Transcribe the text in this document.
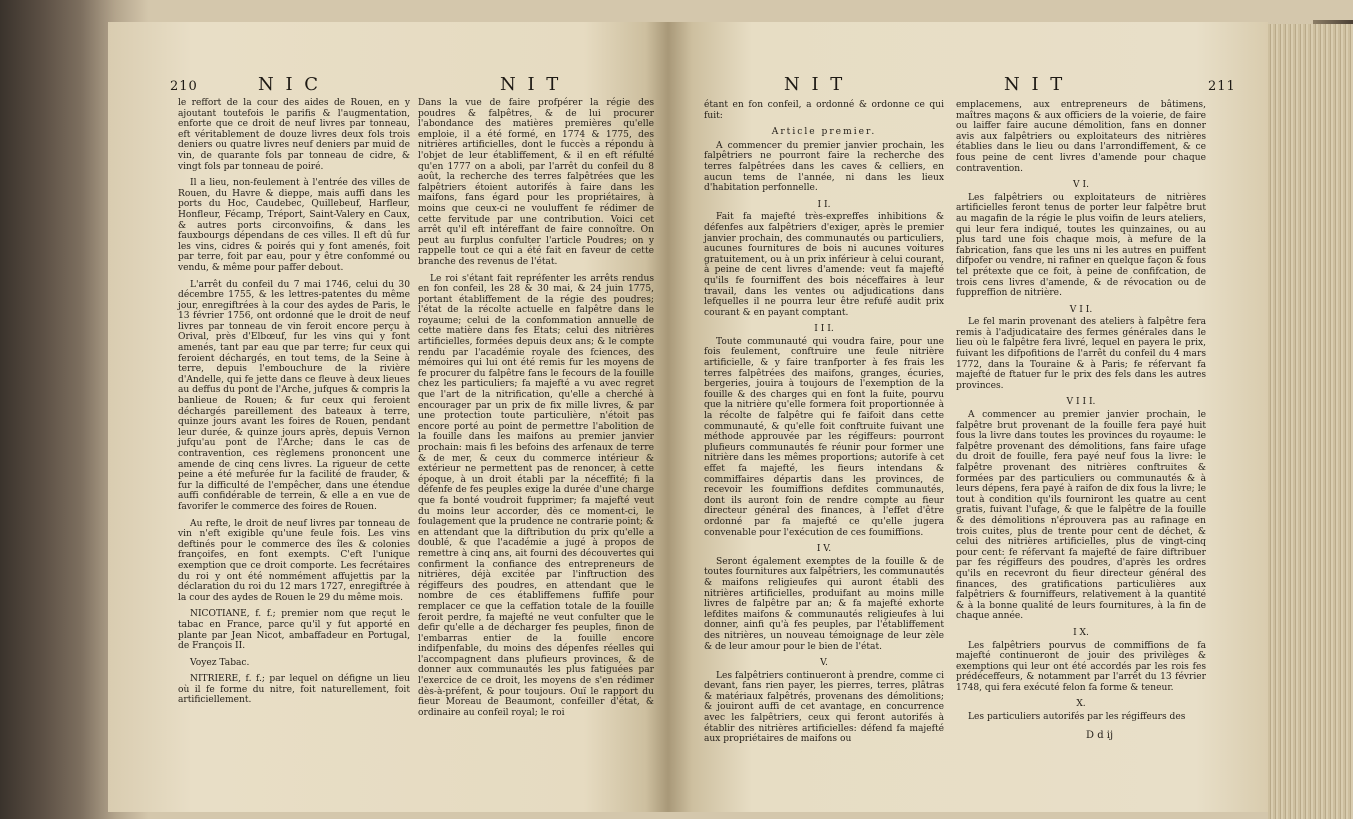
210	N I C	N I T

le reffort de la cour des aides de Rouen, en y ajoutant toutefois le parifis & l'augmentation, enforte que ce droit de neuf livres par tonneau, eft véritablement de douze livres deux fols trois deniers ou quatre livres neuf deniers par muid de vin, de quarante fols par tonneau de cidre, & vingt fols par tonneau de poiré.

Il a lieu, non-feulement à l'entrée des villes de Rouen, du Havre & dieppe, mais auffi dans les ports du Hoc, Caudebec, Quillebeuf, Harfleur, Honfleur, Fécamp, Tréport, Saint-Valery en Caux, & autres ports circonvoifins, & dans les fauxbourgs dépendans de ces villes. Il eft dû fur les vins, cidres & poirés qui y font amenés, foit par terre, foit par eau, pour y être confommé ou vendu, & même pour paffer debout.

L'arrêt du confeil du 7 mai 1746, celui du 30 décembre 1755, & les lettres-patentes du même jour, enregiftrées à la cour des aydes de Paris, le 13 février 1756, ont ordonné que le droit de neuf livres par tonneau de vin feroit encore perçu à Orival, près d'Elbœuf, fur les vins qui y font amenés, tant par eau que par terre; fur ceux qui feroient déchargés, en tout tems, de la Seine à terre, depuis l'embouchure de la rivière d'Andelle, qui fe jette dans ce fleuve à deux lieues au deffus du pont de l'Arche, jufques & compris la banlieue de Rouen; & fur ceux qui feroient déchargés pareillement des bateaux à terre, quinze jours avant les foires de Rouen, pendant leur durée, & quinze jours après, depuis Vernon jufqu'au pont de l'Arche; dans le cas de contravention, ces règlemens prononcent une amende de cinq cens livres. La rigueur de cette peine a été mefurée fur la facilité de frauder, & fur la difficulté de l'empêcher, dans une étendue auffi confidérable de terrein, & elle a en vue de favorifer le commerce des foires de Rouen.

Au refte, le droit de neuf livres par tonneau de vin n'eft exigible qu'une feule fois. Les vins deftinés pour le commerce des îles & colonies françoifes, en font exempts. C'eft l'unique exemption que ce droit comporte. Les fecrétaires du roi y ont été nommément affujettis par la déclaration du roi du 12 mars 1727, enregiftrée à la cour des aydes de Rouen le 29 du même mois.

NICOTIANE, f. f.; premier nom que reçut le tabac en France, parce qu'il y fut apporté en plante par Jean Nicot, ambaffadeur en Portugal, de François II.

Voyez Tabac.

NITRIERE, f. f.; par lequel on défigne un lieu où il fe forme du nitre, foit naturellement, foit artificiellement.

Dans la vue de faire profpérer la régie des poudres & falpêtres, & de lui procurer l'abondance des matières premières qu'elle emploie, il a été formé, en 1774 & 1775, des nitrières artificielles, dont le fuccès a répondu à l'objet de leur établiffement, & il en eft réfulté qu'en 1777 on a aboli, par l'arrêt du confeil du 8 août, la recherche des terres falpêtrées que les falpêtriers étoient autorifés à faire dans les maifons, fans égard pour les propriétaires, à moins que ceux-ci ne vouluffent fe rédimer de cette fervitude par une contribution. Voici cet arrêt qu'il eft intéreffant de faire connoître. On peut au furplus confulter l'article Poudres; on y rappelle tout ce qui a été fait en faveur de cette branche des revenus de l'état.

Le roi s'étant fait repréfenter les arrêts rendus en fon confeil, les 28 & 30 mai, & 24 juin 1775, portant établiffement de la régie des poudres; l'état de la récolte actuelle en falpêtre dans le royaume; celui de la confommation annuelle de cette matière dans fes Etats; celui des nitrières artificielles, formées depuis deux ans; & le compte rendu par l'académie royale des fciences, des mémoires qui lui ont été remis fur les moyens de fe procurer du falpêtre fans le fecours de la fouille chez les particuliers; fa majefté a vu avec regret que l'art de la nitrification, qu'elle a cherché à encourager par un prix de fix mille livres, & par une protection toute particulière, n'étoit pas encore porté au point de permettre l'abolition de la fouille dans les maifons au premier janvier prochain: mais fi les befoins des arfenaux de terre & de mer, & ceux du commerce intérieur & extérieur ne permettent pas de renoncer, à cette époque, à un droit établi par la néceffité; fi la défenfe de fes peuples exige la durée d'une charge que fa bonté voudroit fupprimer; fa majefté veut du moins leur accorder, dès ce moment-ci, le foulagement que la prudence ne contrarie point; & en attendant que la diftribution du prix qu'elle a doublé, & que l'académie a jugé à propos de remettre à cinq ans, ait fourni des découvertes qui confirment la confiance des entrepreneurs de nitrières, déjà excitée par l'inftruction des régiffeurs des poudres, en attendant que le nombre de ces établiffemens fuffife pour remplacer ce que la ceffation totale de la fouille feroit perdre, fa majefté ne veut confulter que le defir qu'elle a de décharger fes peuples, finon de l'embarras entier de la fouille encore indifpenfable, du moins des dépenfes réelles qui l'accompagnent dans plufieurs provinces, & de donner aux communautés les plus fatiguées par l'exercice de ce droit, les moyens de s'en rédimer dès-à-préfent, & pour toujours. Ouï le rapport du fieur Moreau de Beaumont, confeiller d'état, & ordinaire au confeil royal; le roi

N I T	N I T	211

étant en fon confeil, a ordonné & ordonne ce qui fuit:

Article premier.

A commencer du premier janvier prochain, les falpêtriers ne pourront faire la recherche des terres falpêtrées dans les caves & celliers, en aucun tems de l'année, ni dans les lieux d'habitation perfonnelle.

I I.

Fait fa majefté très-expreffes inhibitions & défenfes aux falpêtriers d'exiger, après le premier janvier prochain, des communautés ou particuliers, aucunes fournitures de bois ni aucunes voitures gratuitement, ou à un prix inférieur à celui courant, à peine de cent livres d'amende: veut fa majefté qu'ils fe fourniffent des bois néceffaires à leur travail, dans les ventes ou adjudications dans lefquelles il ne pourra leur être refufé audit prix courant & en payant comptant.

I I I.

Toute communauté qui voudra faire, pour une fois feulement, conftruire une feule nitrière artificielle, & y faire tranfporter à fes frais les terres falpêtrées des maifons, granges, écuries, bergeries, jouira à toujours de l'exemption de la fouille & des charges qui en font la fuite, pourvu que la nitrière qu'elle formera foit proportionnée à la récolte de falpêtre qui fe faifoit dans cette communauté, & qu'elle foit conftruite fuivant une méthode approuvée par les régiffeurs: pourront plufieurs communautés fe réunir pour former une nitrière dans les mêmes proportions; autorife à cet effet fa majefté, les fieurs intendans & commiffaires départis dans les provinces, de recevoir les foumiffions defdites communautés, dont ils auront foin de rendre compte au fieur directeur général des finances, à l'effet d'être ordonné par fa majefté ce qu'elle jugera convenable pour l'exécution de ces foumiffions.

I V.

Seront également exemptes de la fouille & de toutes fournitures aux falpêtriers, les communautés & maifons religieufes qui auront établi des nitrières artificielles, produifant au moins mille livres de falpêtre par an; & fa majefté exhorte lefdites maifons & communautés religieufes à lui donner, ainfi qu'à fes peuples, par l'établiffement des nitrières, un nouveau témoignage de leur zèle & de leur amour pour le bien de l'état.

V.

Les falpêtriers continueront à prendre, comme ci devant, fans rien payer, les pierres, terres, plâtras & matériaux falpêtrés, provenans des démolitions; & jouiront auffi de cet avantage, en concurrence avec les falpêtriers, ceux qui feront autorifés à établir des nitrières artificielles: défend fa majefté aux propriétaires de maifons ou

emplacemens, aux entrepreneurs de bâtimens, maîtres maçons & aux officiers de la voierie, de faire ou laiffer faire aucune démolition, fans en donner avis aux falpêtriers ou exploitateurs des nitrières établies dans le lieu ou dans l'arrondiffement, & ce fous peine de cent livres d'amende pour chaque contravention.

V I.

Les falpêtriers ou exploitateurs de nitrières artificielles feront tenus de porter leur falpêtre brut au magafin de la régie le plus voifin de leurs ateliers, qui leur fera indiqué, toutes les quinzaines, ou au plus tard une fois chaque mois, à mefure de la fabrication, fans que les uns ni les autres en puiffent difpofer ou vendre, ni rafiner en quelque façon & fous tel prétexte que ce foit, à peine de confifcation, de trois cens livres d'amende, & de révocation ou de fuppreffion de nitrière.

V I I.

Le fel marin provenant des ateliers à falpêtre fera remis à l'adjudicataire des fermes générales dans le lieu où le falpêtre fera livré, lequel en payera le prix, fuivant les difpofitions de l'arrêt du confeil du 4 mars 1772, dans la Touraine & à Paris; fe réfervant fa majefté de ftatuer fur le prix des fels dans les autres provinces.

V I I I.

A commencer au premier janvier prochain, le falpêtre brut provenant de la fouille fera payé huit fous la livre dans toutes les provinces du royaume: le falpêtre provenant des démolitions, fans faire ufage du droit de fouille, fera payé neuf fous la livre: le falpêtre provenant des nitrières conftruites & formées par des particuliers ou communautés & à leurs dépens, fera payé à raifon de dix fous la livre; le tout à condition qu'ils fourniront les quatre au cent gratis, fuivant l'ufage, & que le falpêtre de la fouille & des démolitions n'éprouvera pas au rafinage en trois cuites, plus de trente pour cent de déchet, & celui des nitrières artificielles, plus de vingt-cinq pour cent: fe réfervant fa majefté de faire diftribuer par fes régiffeurs des poudres, d'après les ordres qu'ils en recevront du fieur directeur général des finances, des gratifications particulières aux falpêtriers & fourniffeurs, relativement à la quantité & à la bonne qualité de leurs fournitures, à la fin de chaque année.

I X.

Les falpêtriers pourvus de commiffions de fa majefté continueront de jouir des privilèges & exemptions qui leur ont été accordés par les rois fes prédéceffeurs, & notamment par l'arrêt du 13 février 1748, qui fera exécuté felon fa forme & teneur.

X.

Les particuliers autorifés par les régiffeurs des

D d ij
